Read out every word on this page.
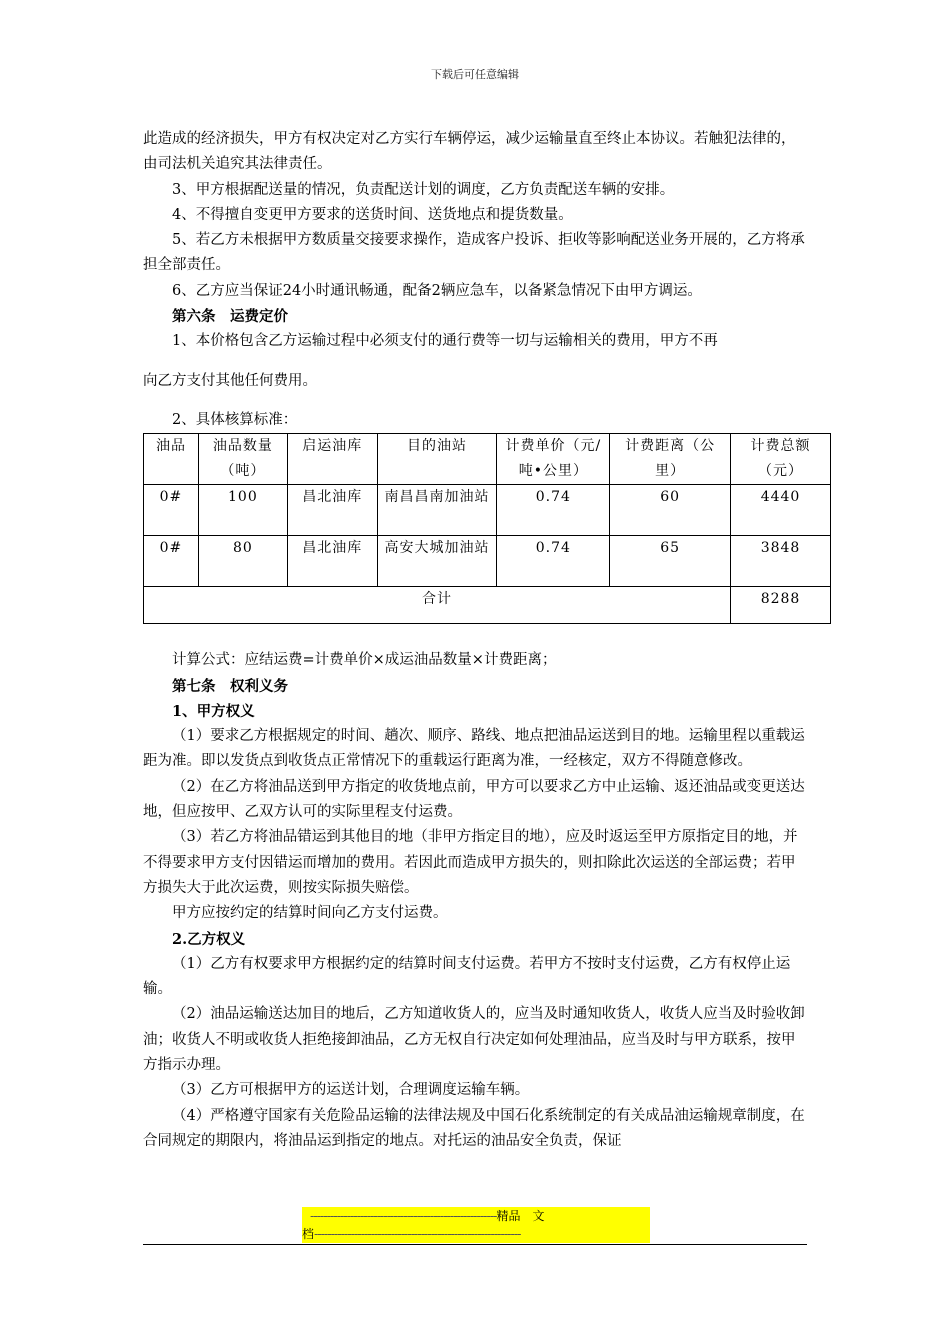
下载后可任意编辑

此造成的经济损失，甲方有权决定对乙方实行车辆停运，减少运输量直至终止本协议。若触犯法律的，由司法机关追究其法律责任。

3、甲方根据配送量的情况，负责配送计划的调度，乙方负责配送车辆的安排。

4、不得擅自变更甲方要求的送货时间、送货地点和提货数量。

5、若乙方未根据甲方数质量交接要求操作，造成客户投诉、拒收等影响配送业务开展的，乙方将承担全部责任。

6、乙方应当保证24小时通讯畅通，配备2辆应急车，以备紧急情况下由甲方调运。

第六条　运费定价

1、本价格包含乙方运输过程中必须支付的通行费等一切与运输相关的费用，甲方不再

向乙方支付其他任何费用。

2、具体核算标准：

油品	油品数量（吨）	启运油库	目的油站	计费单价（元/吨•公里）	计费距离（公里）	计费总额（元）
0#	100	昌北油库	南昌昌南加油站	0.74	60	4440
0#	80	昌北油库	高安大城加油站	0.74	65	3848
合计						8288

计算公式：应结运费=计费单价×成运油品数量×计费距离；

第七条　权利义务

1、甲方权义

（1）要求乙方根据规定的时间、趟次、顺序、路线、地点把油品运送到目的地。运输里程以重载运距为准。即以发货点到收货点正常情况下的重载运行距离为准，一经核定，双方不得随意修改。

（2）在乙方将油品送到甲方指定的收货地点前，甲方可以要求乙方中止运输、返还油品或变更送达地，但应按甲、乙双方认可的实际里程支付运费。

（3）若乙方将油品错运到其他目的地（非甲方指定目的地），应及时返运至甲方原指定目的地，并不得要求甲方支付因错运而增加的费用。若因此而造成甲方损失的，则扣除此次运送的全部运费；若甲方损失大于此次运费，则按实际损失赔偿。

甲方应按约定的结算时间向乙方支付运费。

2.乙方权义

（1）乙方有权要求甲方根据约定的结算时间支付运费。若甲方不按时支付运费，乙方有权停止运输。

（2）油品运输送达加目的地后，乙方知道收货人的，应当及时通知收货人，收货人应当及时验收卸油；收货人不明或收货人拒绝接卸油品，乙方无权自行决定如何处理油品，应当及时与甲方联系，按甲方指示办理。

（3）乙方可根据甲方的运送计划，合理调度运输车辆。

（4）严格遵守国家有关危险品运输的法律法规及中国石化系统制定的有关成品油运输规章制度，在合同规定的期限内，将油品运到指定的地点。对托运的油品安全负责，保证

--------------------------------------------------------精品　文
档--------------------------------------------------------------
